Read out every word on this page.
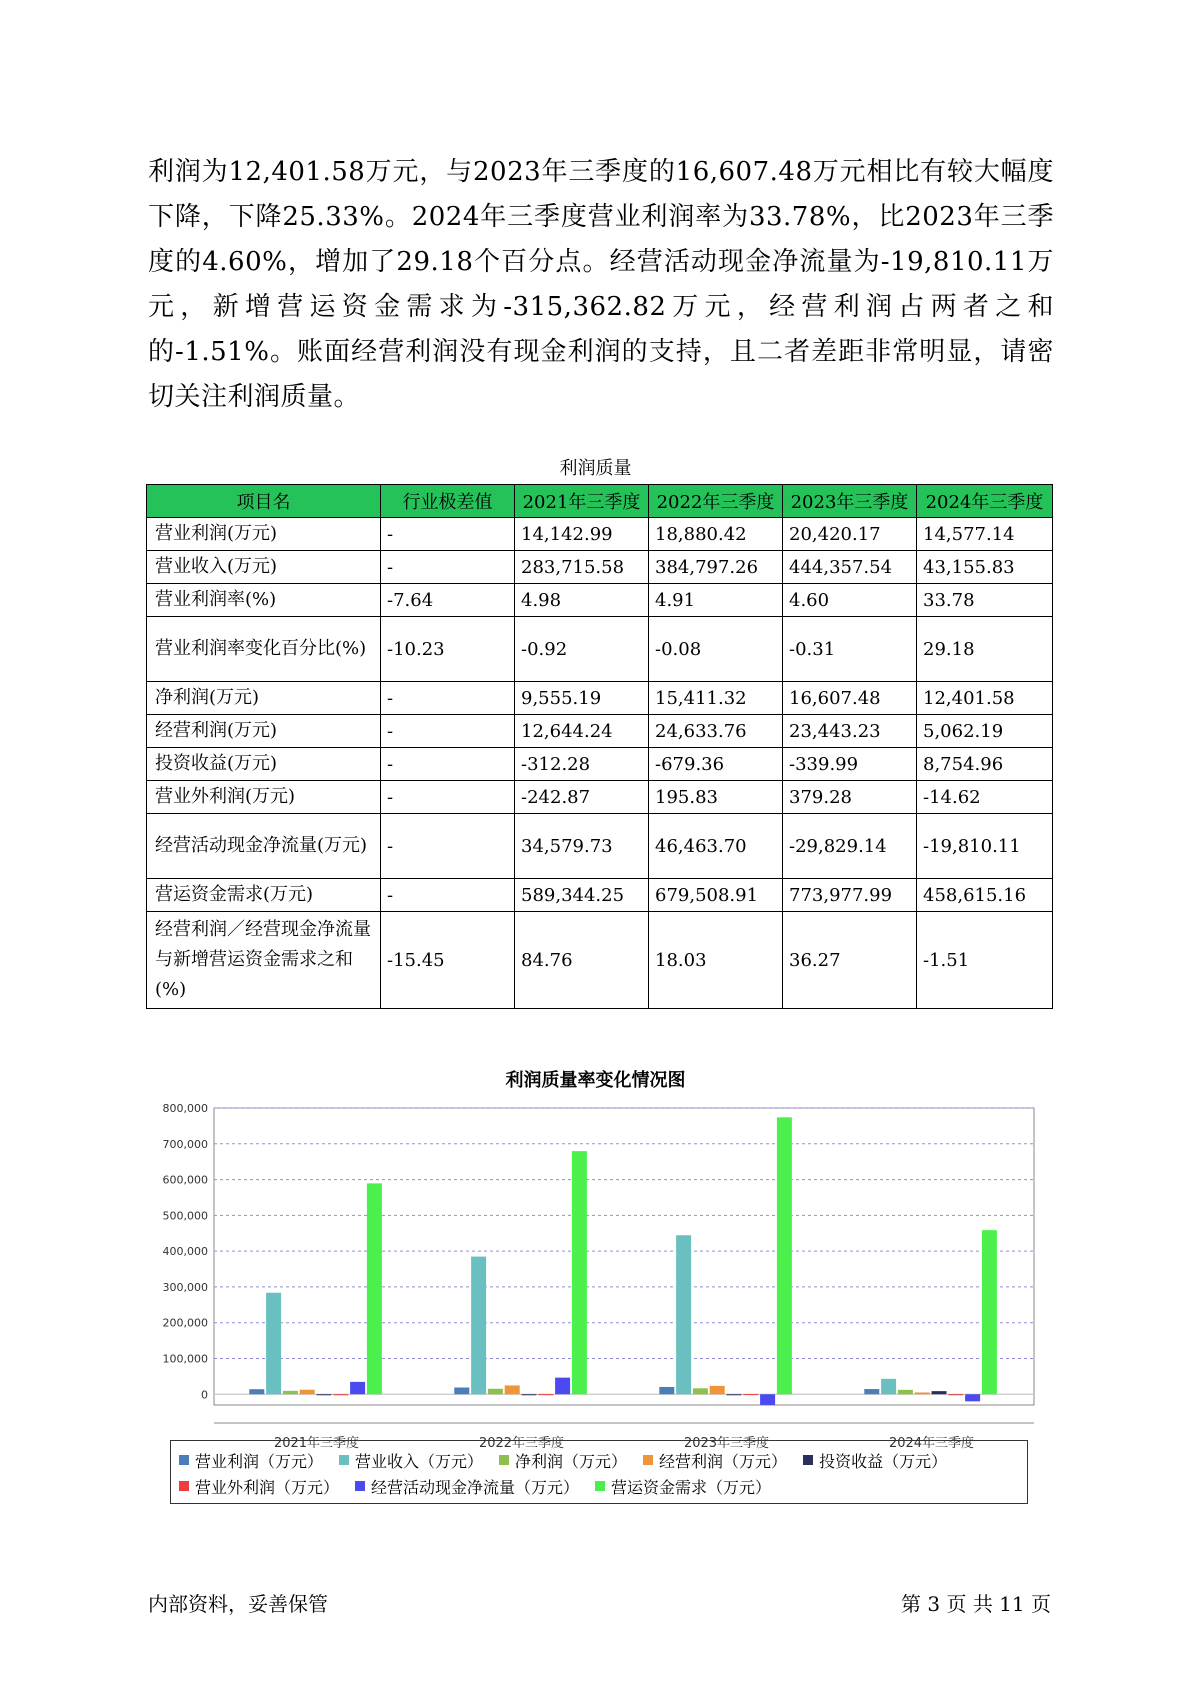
利润为12,401.58万元，与2023年三季度的16,607.48万元相比有较大幅度下降，下降25.33%。2024年三季度营业利润率为33.78%，比2023年三季度的4.60%，增加了29.18个百分点。经营活动现金净流量为-19,810.11万元，新增营运资金需求为-315,362.82万元，经营利润占两者之和的-1.51%。账面经营利润没有现金利润的支持，且二者差距非常明显，请密切关注利润质量。

利润质量
项目名	行业极差值	2021年三季度	2022年三季度	2023年三季度	2024年三季度
营业利润(万元)	-	14,142.99	18,880.42	20,420.17	14,577.14
营业收入(万元)	-	283,715.58	384,797.26	444,357.54	43,155.83
营业利润率(%)	-7.64	4.98	4.91	4.60	33.78
营业利润率变化百分比(%)	-10.23	-0.92	-0.08	-0.31	29.18
净利润(万元)	-	9,555.19	15,411.32	16,607.48	12,401.58
经营利润(万元)	-	12,644.24	24,633.76	23,443.23	5,062.19
投资收益(万元)	-	-312.28	-679.36	-339.99	8,754.96
营业外利润(万元)	-	-242.87	195.83	379.28	-14.62
经营活动现金净流量(万元)	-	34,579.73	46,463.70	-29,829.14	-19,810.11
营运资金需求(万元)	-	589,344.25	679,508.91	773,977.99	458,615.16
经营利润／经营现金净流量与新增营运资金需求之和(%)	-15.45	84.76	18.03	36.27	-1.51
利润质量率变化情况图
0
100,000
200,000
300,000
400,000
500,000
600,000
700,000
800,000
2021年三季度	2022年三季度	2023年三季度	2024年三季度
营业利润（万元） 营业收入（万元） 净利润（万元） 经营利润（万元） 投资收益（万元）
营业外利润（万元） 经营活动现金净流量（万元） 营运资金需求（万元）
内部资料，妥善保管	第 3 页 共 11 页
